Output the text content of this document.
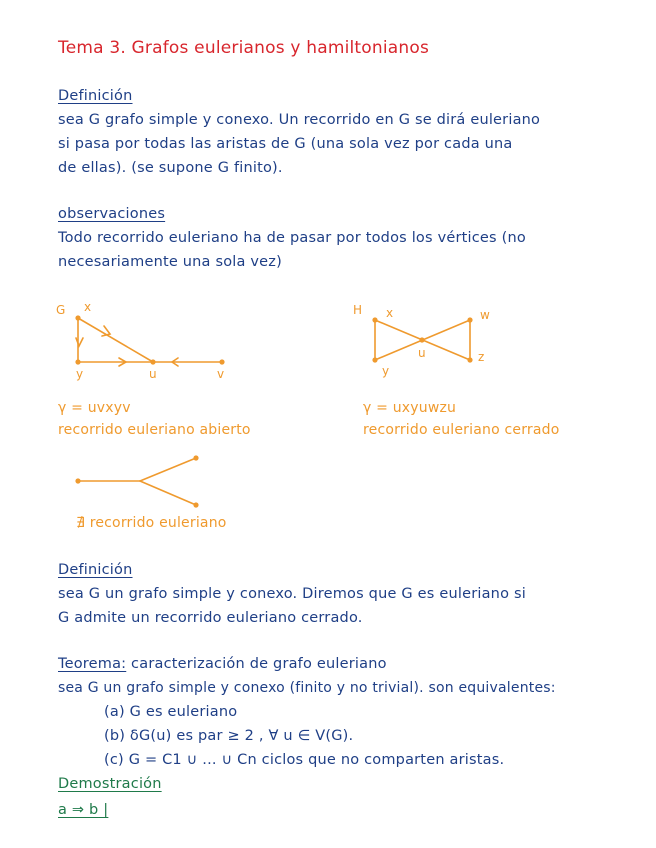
Tema 3. Grafos eulerianos y hamiltonianos
Definición
sea G grafo simple y conexo. Un recorrido en G se dirá euleriano
si pasa por todas las aristas de G (una sola vez por cada una
de ellas). (se supone G finito).
observaciones
Todo recorrido euleriano ha de pasar por todos los vértices (no
necesariamente una sola vez)
G x
y	u	v
H x	w
u
y
z
γ = uvxyv
recorrido euleriano abierto
γ = uxyuwzu
recorrido euleriano cerrado
∄ recorrido euleriano
Definición
sea G un grafo simple y conexo. Diremos que G es euleriano si
G admite un recorrido euleriano cerrado.
Teorema: caracterización de grafo euleriano
sea G un grafo simple y conexo (finito y no trivial). son equivalentes:
(a) G es euleriano
(b) δG(u) es par ≥ 2 , ∀ u ∈ V(G).
(c) G = C1 ∪ ... ∪ Cn ciclos que no comparten aristas.
Demostración
a ⇒ b |
